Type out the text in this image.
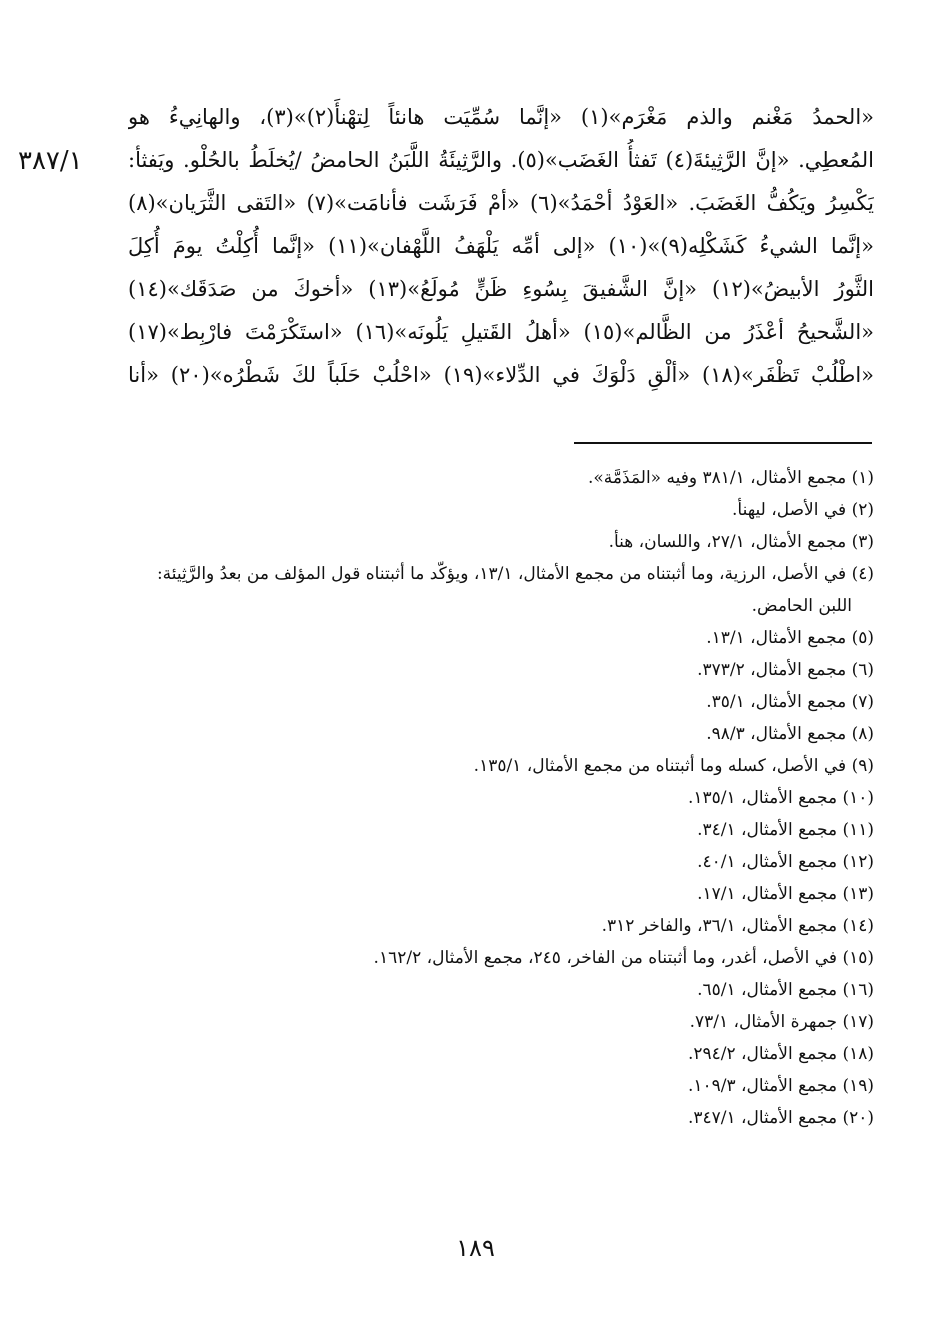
٣٨٧/١
«الحمدُ مَغْنم والذم مَغْرَم»(١) «إنَّما سُمِّيَت هانئاً لِتهْنأَ(٢)»(٣)، والهانِيءُ هو
المُعطِي. «إنَّ الرَّثِيئةَ(٤) تَفثأُ الغَضَب»(٥). والرَّثِيئَةُ اللَّبَنُ الحامضُ /يُخلَطُ بالحُلْو. ويَفثأ:
يَكْسِرُ ويَكُفُّ الغَضَبَ. «العَوْدُ أحْمَدُ»(٦) «أمْ فَرَشَت فأنامَت»(٧) «التَقى الثَّرَيان»(٨)
«إنَّما الشيءُ كَشَكْلِه(٩)»(١٠) «إلى أمِّه يَلْهَفُ اللَّهْفان»(١١) «إنَّما أُكِلْتُ يومَ أُكِلَ
الثَّورُ الأبيضُ»(١٢) «إنَّ الشَّفيقَ بِسُوءِ ظَنٍّ مُولَعُ»(١٣) «أخوكَ من صَدَقَك»(١٤)
«الشَّحيحُ أعْذَرُ من الظَّالم»(١٥) «أهلُ القَتيلِ يَلُونَه»(١٦) «استَكْرَمْتَ فارْبِط»(١٧)
«اطْلُبْ تَظْفَر»(١٨) «ألْقِ دَلْوَكَ في الدِّلاء»(١٩) «احْلُبْ حَلَباً لكَ شَطْرُه»(٢٠) «أنا
(١) مجمع الأمثال، ٣٨١/١ وفيه «المَذَمَّة».
(٢) في الأصل، ليهنأ.
(٣) مجمع الأمثال، ٢٧/١، واللسان، هنأ.
(٤) في الأصل، الرزية، وما أثبتناه من مجمع الأمثال، ١٣/١، ويؤكّد ما أثبتناه قول المؤلف من بعدُ والرَّثِيئة:
اللبن الحامض.
(٥) مجمع الأمثال، ١٣/١.
(٦) مجمع الأمثال، ٣٧٣/٢.
(٧) مجمع الأمثال، ٣٥/١.
(٨) مجمع الأمثال، ٩٨/٣.
(٩) في الأصل، كسله وما أثبتناه من مجمع الأمثال، ١٣٥/١.
(١٠) مجمع الأمثال، ١٣٥/١.
(١١) مجمع الأمثال، ٣٤/١.
(١٢) مجمع الأمثال، ٤٠/١.
(١٣) مجمع الأمثال، ١٧/١.
(١٤) مجمع الأمثال، ٣٦/١، والفاخر ٣١٢.
(١٥) في الأصل، أغدر، وما أثبتناه من الفاخر، ٢٤٥، مجمع الأمثال، ١٦٢/٢.
(١٦) مجمع الأمثال، ٦٥/١.
(١٧) جمهرة الأمثال، ٧٣/١.
(١٨) مجمع الأمثال، ٢٩٤/٢.
(١٩) مجمع الأمثال، ١٠٩/٣.
(٢٠) مجمع الأمثال، ٣٤٧/١.
١٨٩
